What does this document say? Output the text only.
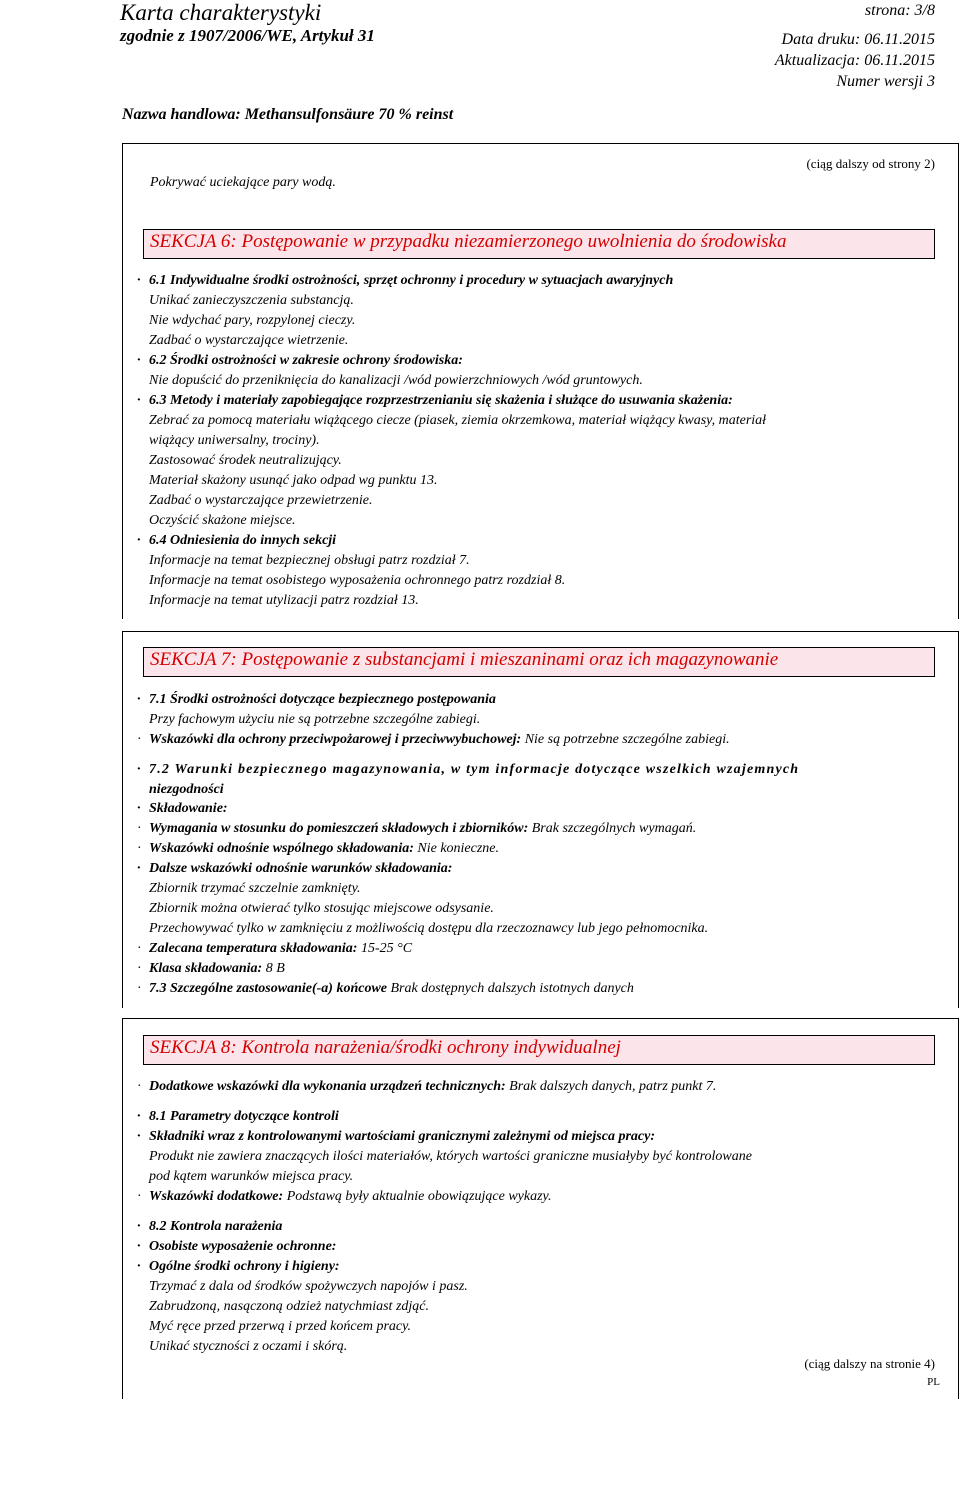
Karta charakterystyki
zgodnie z 1907/2006/WE, Artykuł 31
strona: 3/8
Data druku: 06.11.2015
Aktualizacja: 06.11.2015
Numer wersji 3
Nazwa handlowa: Methansulfonsäure 70 % reinst
(ciąg dalszy od strony 2)
Pokrywać uciekające pary wodą.
SEKCJA 6: Postępowanie w przypadku niezamierzonego uwolnienia do środowiska
· 6.1 Indywidualne środki ostrożności, sprzęt ochronny i procedury w sytuacjach awaryjnych
Unikać zanieczyszczenia substancją.
Nie wdychać pary, rozpylonej cieczy.
Zadbać o wystarczające wietrzenie.
· 6.2 Środki ostrożności w zakresie ochrony środowiska:
Nie dopuścić do przeniknięcia do kanalizacji /wód powierzchniowych /wód gruntowych.
· 6.3 Metody i materiały zapobiegające rozprzestrzenianiu się skażenia i służące do usuwania skażenia:
Zebrać za pomocą materiału wiążącego ciecze (piasek, ziemia okrzemkowa, materiał wiążący kwasy, materiał
wiążący uniwersalny, trociny).
Zastosować środek neutralizujący.
Materiał skażony usunąć jako odpad wg punktu 13.
Zadbać o wystarczające przewietrzenie.
Oczyścić skażone miejsce.
· 6.4 Odniesienia do innych sekcji
Informacje na temat bezpiecznej obsługi patrz rozdział 7.
Informacje na temat osobistego wyposażenia ochronnego patrz rozdział 8.
Informacje na temat utylizacji patrz rozdział 13.
SEKCJA 7: Postępowanie z substancjami i mieszaninami oraz ich magazynowanie
· 7.1 Środki ostrożności dotyczące bezpiecznego postępowania
Przy fachowym użyciu nie są potrzebne szczególne zabiegi.
· Wskazówki dla ochrony przeciwpożarowej i przeciwwybuchowej: Nie są potrzebne szczególne zabiegi.
· 7.2 Warunki bezpiecznego magazynowania, w tym informacje dotyczące wszelkich wzajemnych
niezgodności
· Składowanie:
· Wymagania w stosunku do pomieszczeń składowych i zbiorników: Brak szczególnych wymagań.
· Wskazówki odnośnie wspólnego składowania: Nie konieczne.
· Dalsze wskazówki odnośnie warunków składowania:
Zbiornik trzymać szczelnie zamknięty.
Zbiornik można otwierać tylko stosując miejscowe odsysanie.
Przechowywać tylko w zamknięciu z możliwością dostępu dla rzeczoznawcy lub jego pełnomocnika.
· Zalecana temperatura składowania: 15-25 °C
· Klasa składowania: 8 B
· 7.3 Szczególne zastosowanie(-a) końcowe Brak dostępnych dalszych istotnych danych
SEKCJA 8: Kontrola narażenia/środki ochrony indywidualnej
· Dodatkowe wskazówki dla wykonania urządzeń technicznych: Brak dalszych danych, patrz punkt 7.
· 8.1 Parametry dotyczące kontroli
· Składniki wraz z kontrolowanymi wartościami granicznymi zależnymi od miejsca pracy:
Produkt nie zawiera znaczących ilości materiałów, których wartości graniczne musiałyby być kontrolowane
pod kątem warunków miejsca pracy.
· Wskazówki dodatkowe: Podstawą były aktualnie obowiązujące wykazy.
· 8.2 Kontrola narażenia
· Osobiste wyposażenie ochronne:
· Ogólne środki ochrony i higieny:
Trzymać z dala od środków spożywczych napojów i pasz.
Zabrudzoną, nasączoną odzież natychmiast zdjąć.
Myć ręce przed przerwą i przed końcem pracy.
Unikać styczności z oczami i skórą.
(ciąg dalszy na stronie 4)
PL
